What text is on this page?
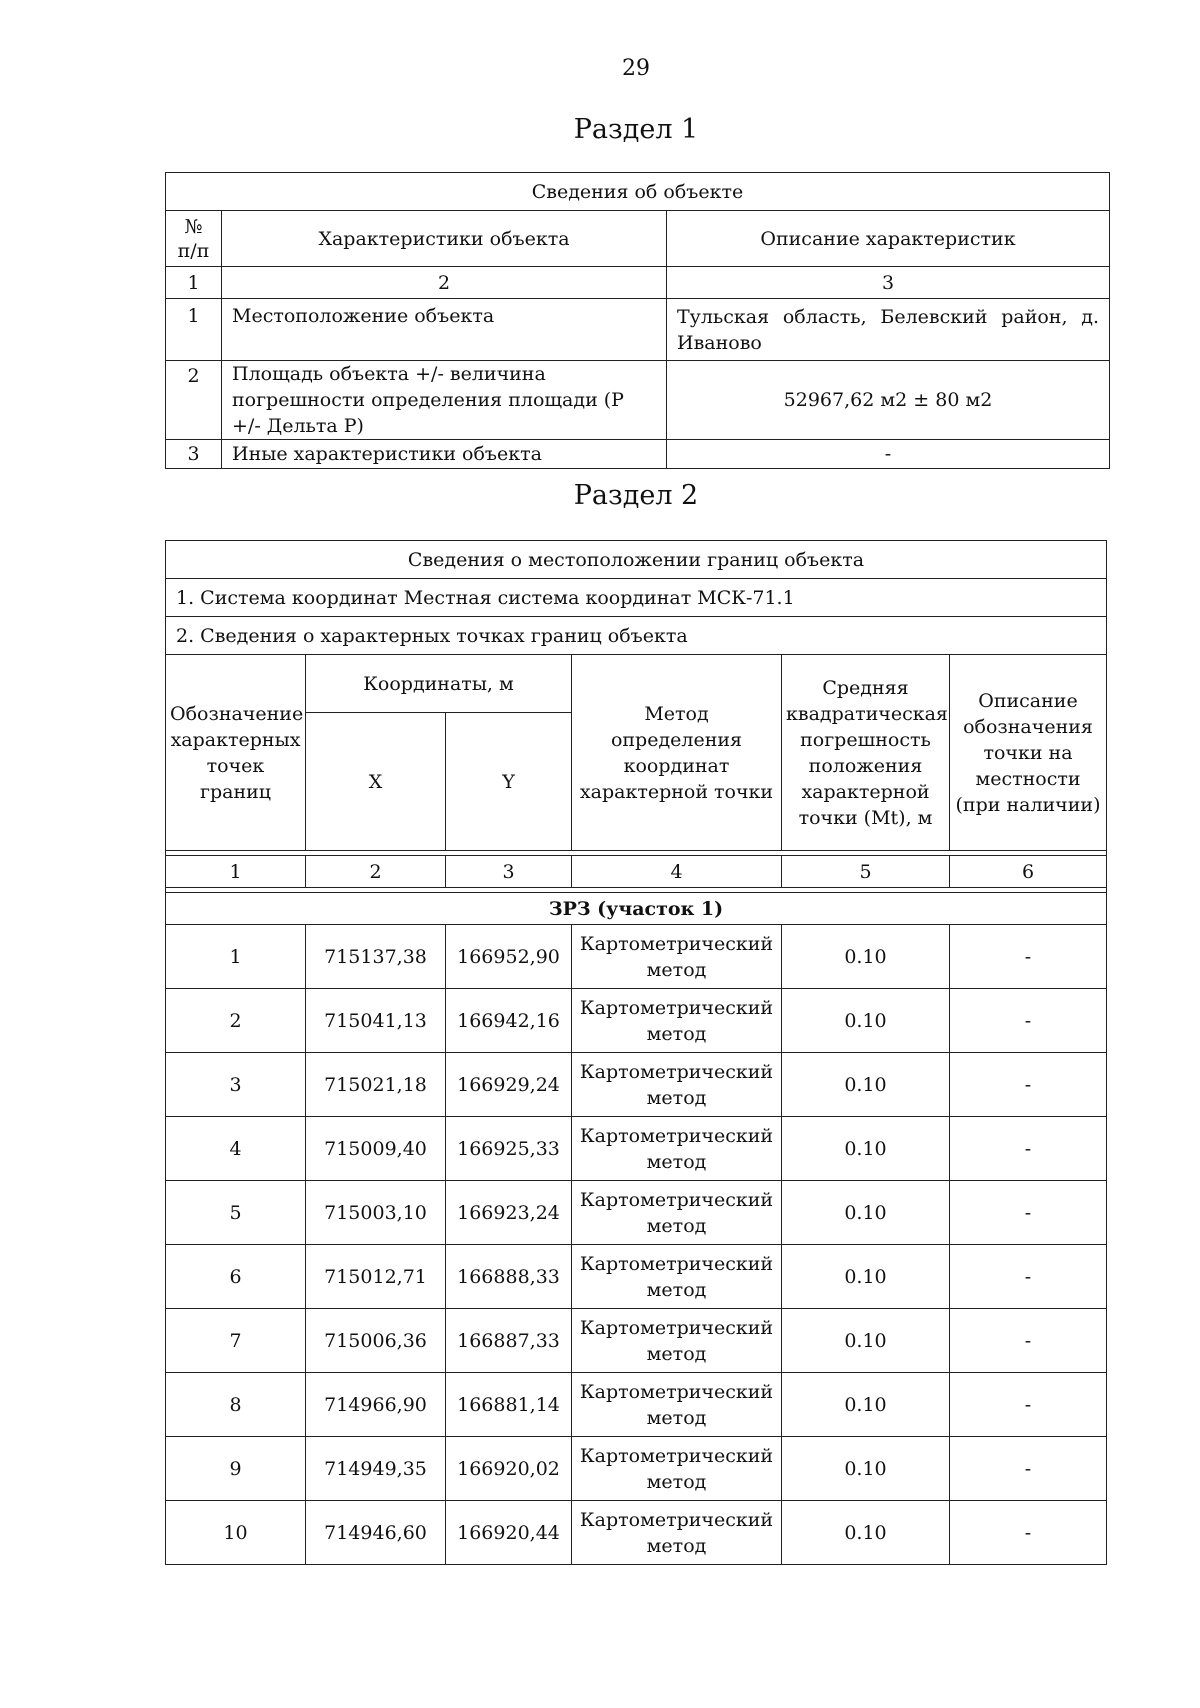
29
Раздел 1
Сведения об объекте		
№
п/п	Характеристики объекта	Описание характеристик
1	2	3
1	Местоположение объекта	Тульская область, Белевский район, д. Иваново
2	Площадь объекта +/- величина погрешности определения площади (Р +/- Дельта Р)	52967,62 м2 ± 80 м2
3	Иные характеристики объекта	-
Раздел 2
Сведения о местоположении границ объекта					
1. Система координат Местная система координат МСК-71.1					
2. Сведения о характерных точках границ объекта					
Обозначение характерных точек границ	Координаты, м		Метод определения координат характерной точки	Средняя квадратическая погрешность положения характерной точки (Mt), м	Описание обозначения точки на местности (при наличии)
	X	Y			

1	2	3	4	5	6

ЗРЗ (участок 1)					
1	715137,38	166952,90	Картометрический метод	0.10	-
2	715041,13	166942,16	Картометрический метод	0.10	-
3	715021,18	166929,24	Картометрический метод	0.10	-
4	715009,40	166925,33	Картометрический метод	0.10	-
5	715003,10	166923,24	Картометрический метод	0.10	-
6	715012,71	166888,33	Картометрический метод	0.10	-
7	715006,36	166887,33	Картометрический метод	0.10	-
8	714966,90	166881,14	Картометрический метод	0.10	-
9	714949,35	166920,02	Картометрический метод	0.10	-
10	714946,60	166920,44	Картометрический метод	0.10	-
